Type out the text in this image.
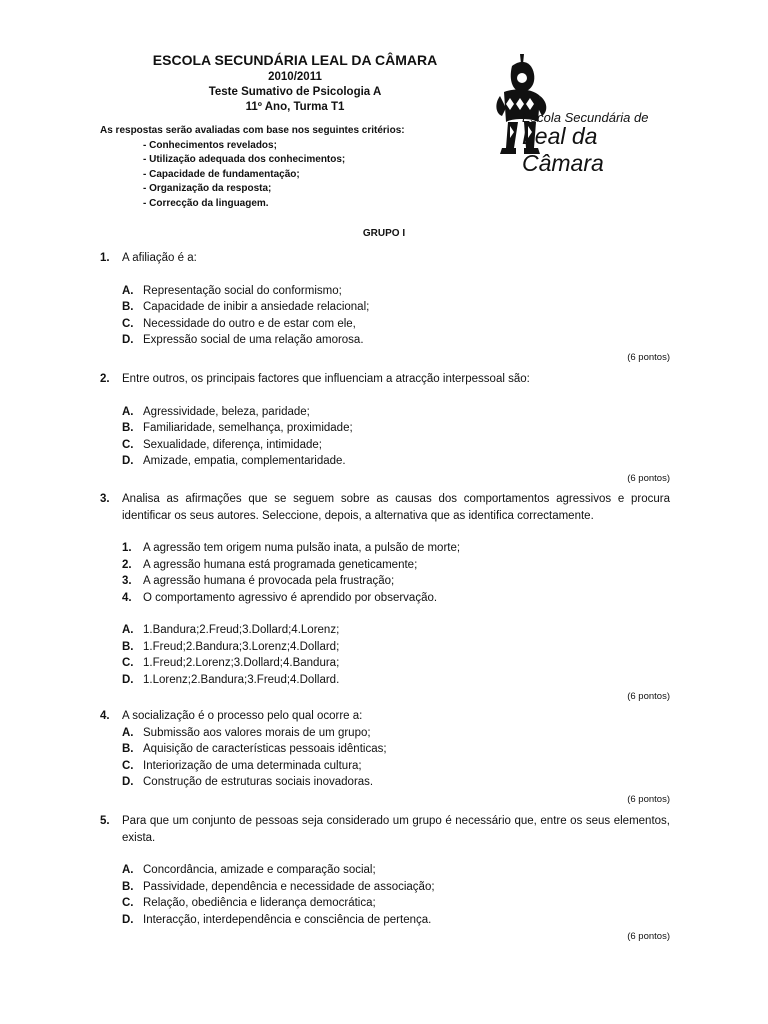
ESCOLA SECUNDÁRIA LEAL DA CÂMARA
2010/2011
Teste Sumativo de Psicologia A
11º Ano, Turma T1
As respostas serão avaliadas com base nos seguintes critérios:
- Conhecimentos revelados;
- Utilização adequada dos conhecimentos;
- Capacidade de fundamentação;
- Organização da resposta;
- Correcção da linguagem.
Escola Secundária de
Leal da Câmara
GRUPO I
1. A afiliação é a:
A. Representação social do conformismo;
B. Capacidade de inibir a ansiedade relacional;
C. Necessidade do outro e de estar com ele,
D. Expressão social de uma relação amorosa.
(6 pontos)
2. Entre outros, os principais factores que influenciam a atracção interpessoal são:
A. Agressividade, beleza, paridade;
B. Familiaridade, semelhança, proximidade;
C. Sexualidade, diferença, intimidade;
D. Amizade, empatia, complementaridade.
(6 pontos)
3. Analisa as afirmações que se seguem sobre as causas dos comportamentos agressivos e procura identificar os seus autores. Seleccione, depois, a alternativa que as identifica correctamente.
1. A agressão tem origem numa pulsão inata, a pulsão de morte;
2. A agressão humana está programada geneticamente;
3. A agressão humana é provocada pela frustração;
4. O comportamento agressivo é aprendido por observação.
A. 1.Bandura;2.Freud;3.Dollard;4.Lorenz;
B. 1.Freud;2.Bandura;3.Lorenz;4.Dollard;
C. 1.Freud;2.Lorenz;3.Dollard;4.Bandura;
D. 1.Lorenz;2.Bandura;3.Freud;4.Dollard.
(6 pontos)
4. A socialização é o processo pelo qual ocorre a:
A. Submissão aos valores morais de um grupo;
B. Aquisição de características pessoais idênticas;
C. Interiorização de uma determinada cultura;
D. Construção de estruturas sociais inovadoras.
(6 pontos)
5. Para que um conjunto de pessoas seja considerado um grupo é necessário que, entre os seus elementos, exista.
A. Concordância, amizade e comparação social;
B. Passividade, dependência e necessidade de associação;
C. Relação, obediência e liderança democrática;
D. Interacção, interdependência e consciência de pertença.
(6 pontos)
